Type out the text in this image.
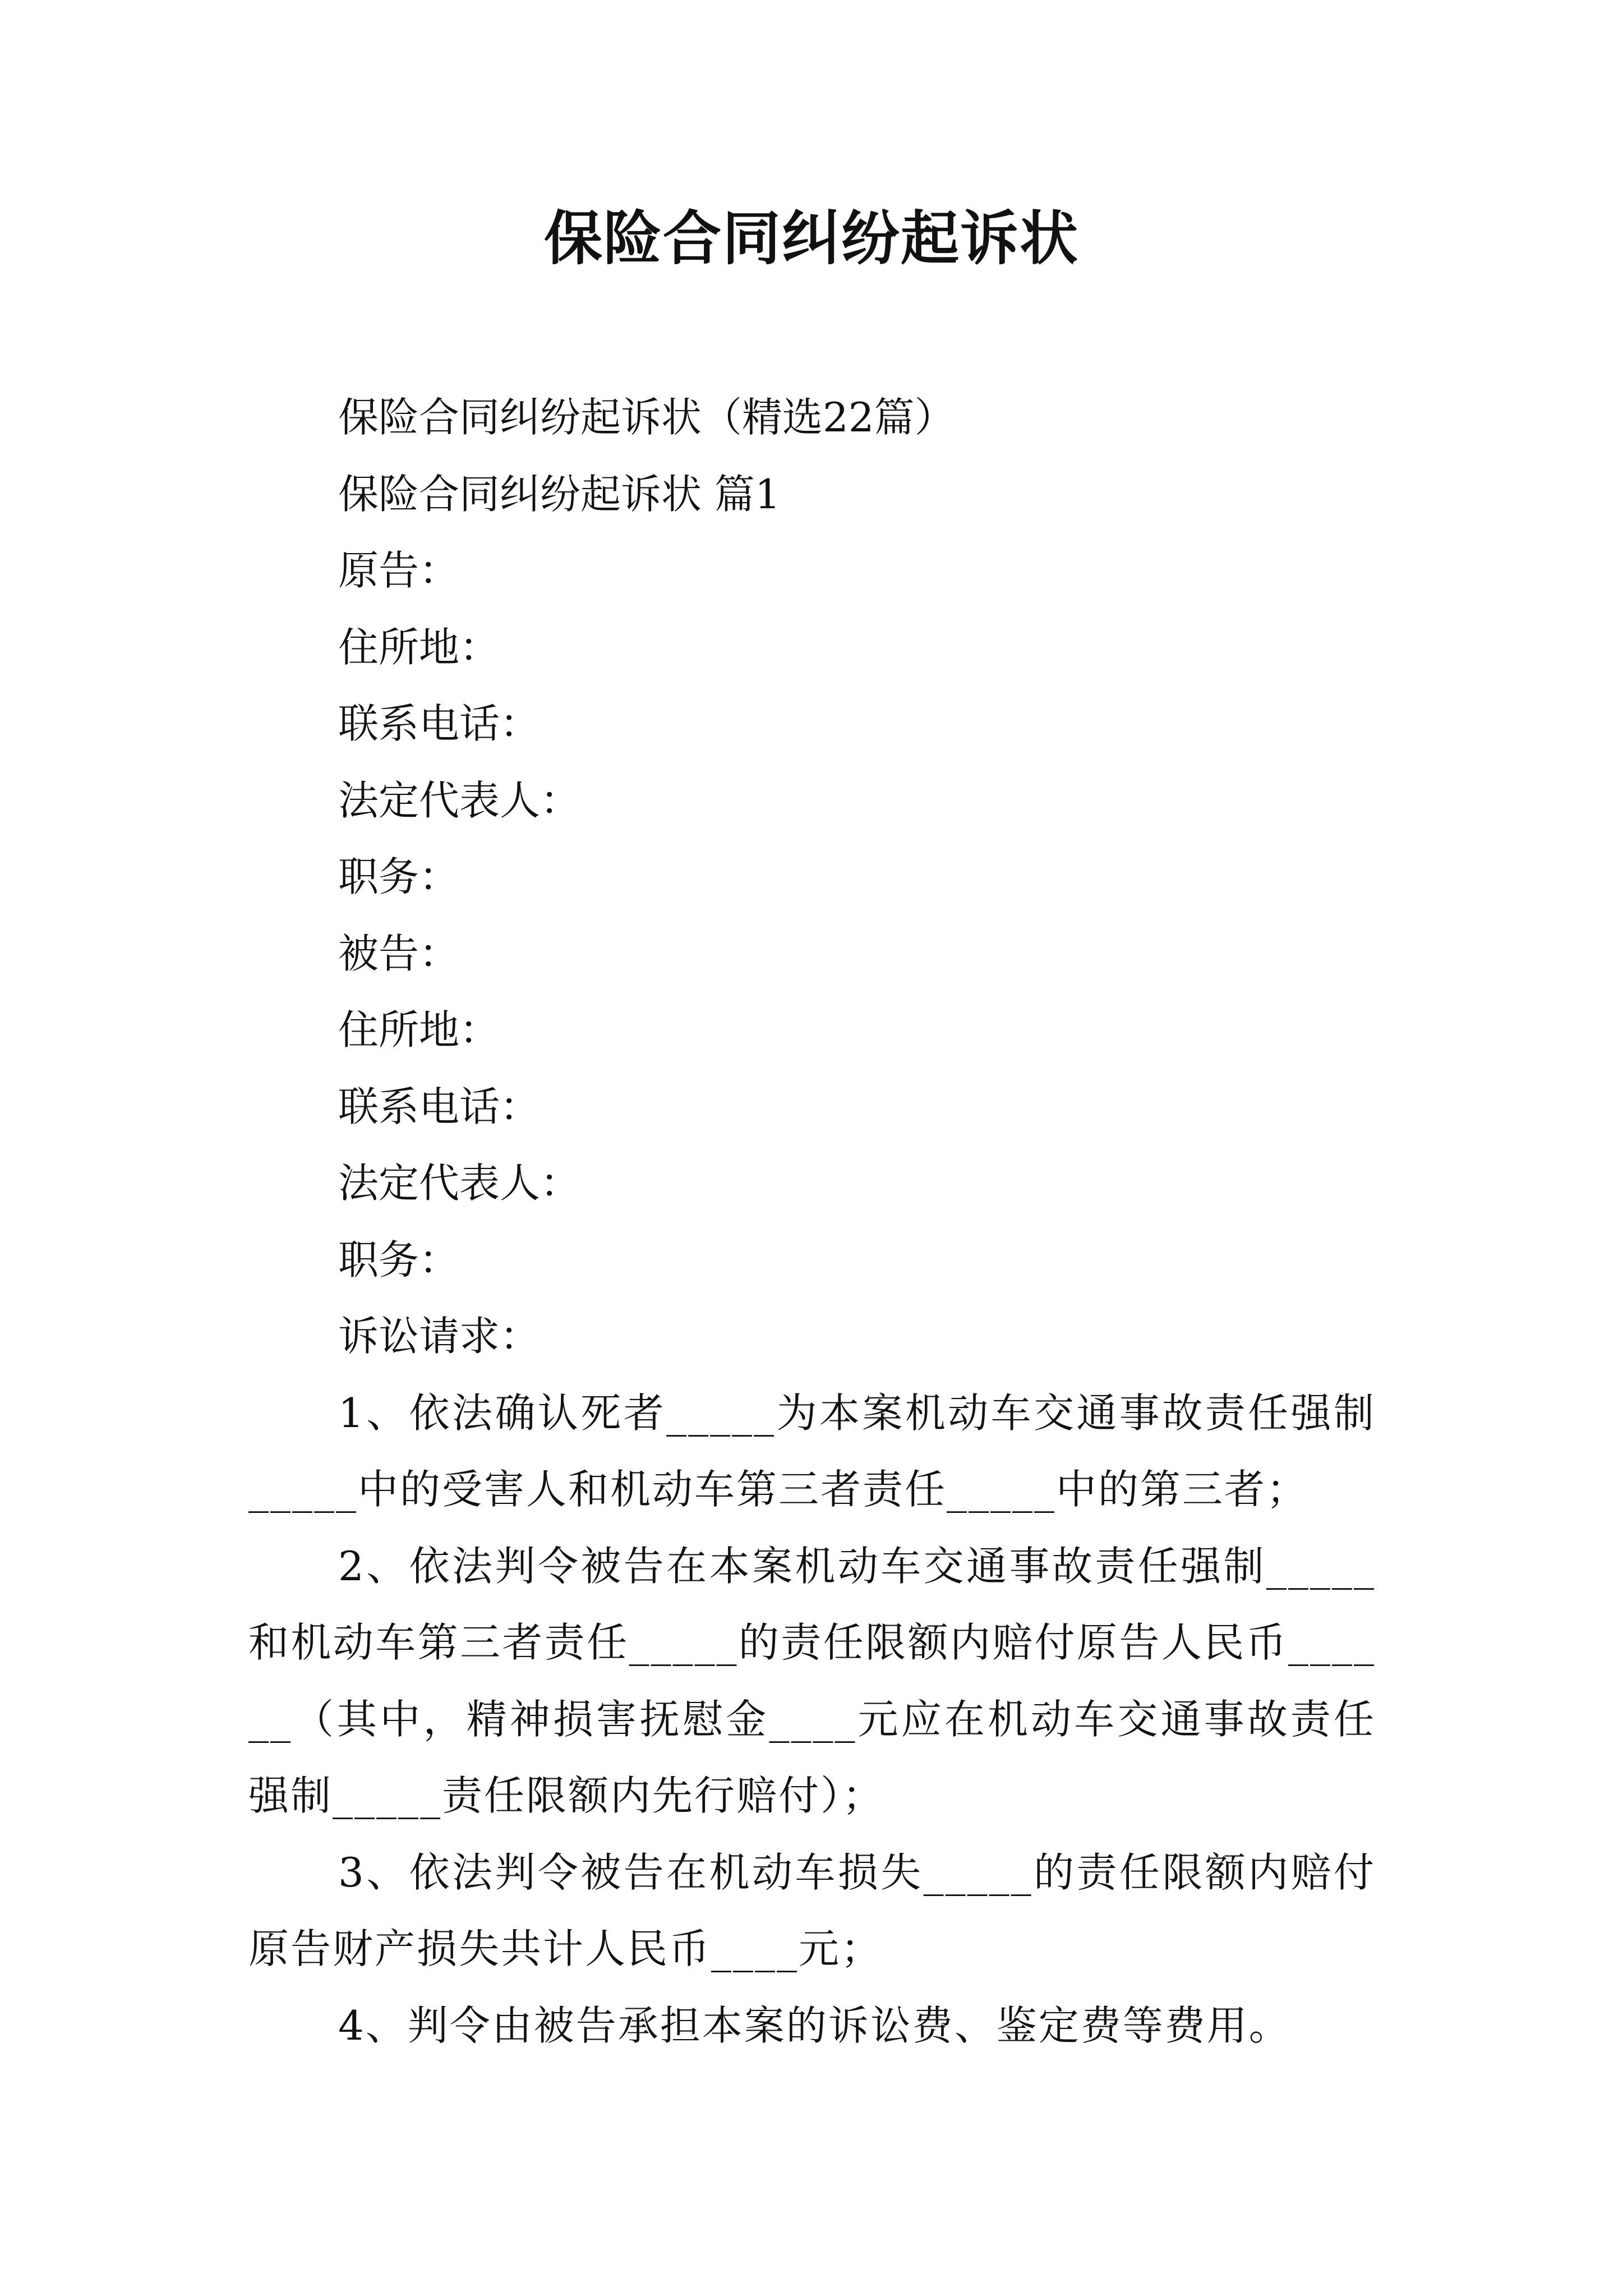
保险合同纠纷起诉状

保险合同纠纷起诉状（精选22篇）

保险合同纠纷起诉状 篇1

原告：

住所地：

联系电话：

法定代表人：

职务：

被告：

住所地：

联系电话：

法定代表人：

职务：

诉讼请求：

1、依法确认死者_____为本案机动车交通事故责任强制_____中的受害人和机动车第三者责任_____中的第三者；

2、依法判令被告在本案机动车交通事故责任强制_____和机动车第三者责任_____的责任限额内赔付原告人民币______（其中，精神损害抚慰金____元应在机动车交通事故责任强制_____责任限额内先行赔付）；

3、依法判令被告在机动车损失_____的责任限额内赔付原告财产损失共计人民币____元；

4、判令由被告承担本案的诉讼费、鉴定费等费用。
